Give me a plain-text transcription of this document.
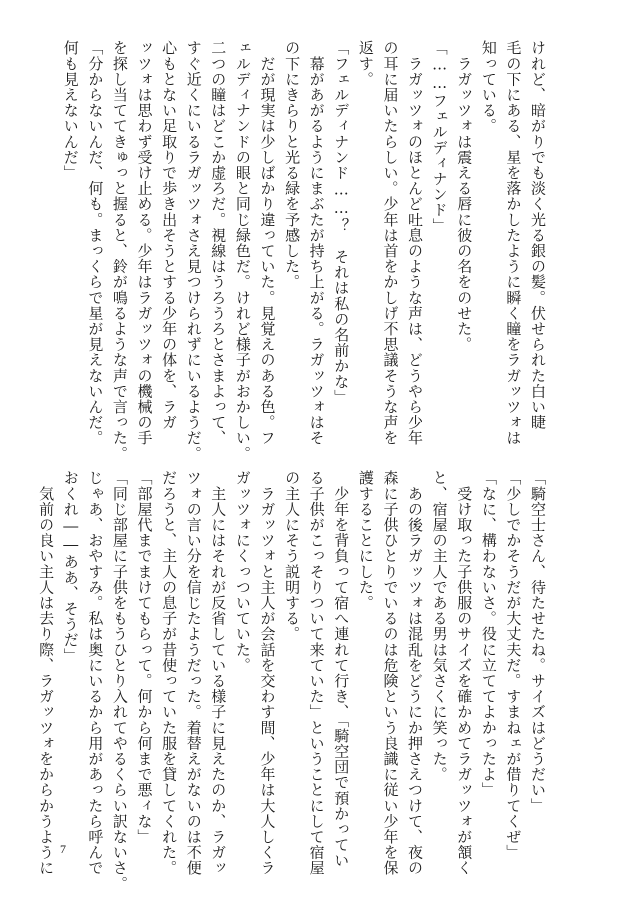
けれど、暗がりでも淡く光る銀の髪。伏せられた白い睫
毛の下にある、星を落かしたように瞬く瞳をラガッツォは
知っている。
　ラガッツォは震える唇に彼の名をのせた。
「……フェルディナンド」
　ラガッツォのほとんど吐息のような声は、どうやら少年
の耳に届いたらしい。少年は首をかしげ不思議そうな声を
返す。
「フェルディナンド……？　それは私の名前かな」
　幕があがるようにまぶたが持ち上がる。ラガッツォはそ
の下にきらりと光る緑を予感した。
　だが現実は少しばかり違っていた。見覚えのある色。フ
ェルディナンドの眼と同じ緑色だ。けれど様子がおかしい。
二つの瞳はどこか虚ろだ。視線はうろうろとさまよって、
すぐ近くにいるラガッツォさえ見つけられずにいるようだ。
心もとない足取りで歩き出そうとする少年の体を、ラガ
ッツォは思わず受け止める。少年はラガッツォの機械の手
を探し当ててきゅっと握ると、鈴が鳴るような声で言った。
「分からないんだ、何も。まっくらで星が見えないんだ。
何も見えないんだ」
「騎空士さん、待たせたね。サイズはどうだい」
「少しでかそうだが大丈夫だ。すまねェが借りてくぜ」
「なに、構わないさ。役に立ててよかったよ」
　受け取った子供服のサイズを確かめてラガッツォが頷く
と、宿屋の主人である男は気さくに笑った。
　あの後ラガッツォは混乱をどうにか押さえつけて、夜の
森に子供ひとりでいるのは危険という良識に従い少年を保
護することにした。
　少年を背負って宿へ連れて行き、「騎空団で預かってい
る子供がこっそりついて来ていた」ということにして宿屋
の主人にそう説明する。
　ラガッツォと主人が会話を交わす間、少年は大人しくラ
ガッツォにくっついていた。
　主人にはそれが反省している様子に見えたのか、ラガッ
ツォの言い分を信じたようだった。着替えがないのは不便
だろうと、主人の息子が昔使っていた服を貸してくれた。
「部屋代までまけてもらって。何から何まで悪ィな」
「同じ部屋に子供をもうひとり入れてやるくらい訳ないさ。
じゃあ、おやすみ。私は奥にいるから用があったら呼んで
おくれ――ああ、そうだ」
　気前の良い主人は去り際、ラガッツォをからかうように 7
